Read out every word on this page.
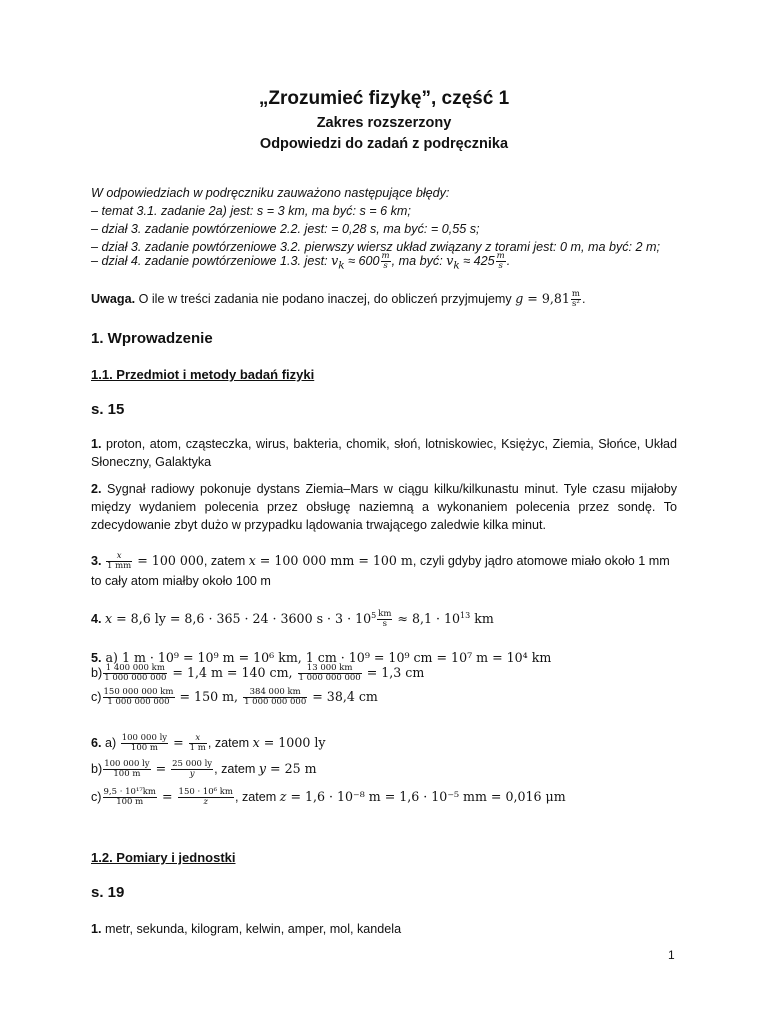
„Zrozumieć fizykę”, część 1
Zakres rozszerzony
Odpowiedzi do zadań z podręcznika
W odpowiedziach w podręczniku zauważono następujące błędy:
– temat 3.1. zadanie 2a) jest: s = 3 km, ma być: s = 6 km;
– dział 3. zadanie powtórzeniowe 2.2. jest: = 0,28 s, ma być: = 0,55 s;
– dział 3. zadanie powtórzeniowe 3.2. pierwszy wiersz układ związany z torami jest: 0 m, ma być: 2 m;
– dział 4. zadanie powtórzeniowe 1.3. jest: $v_k \approx 600 \frac{m}{s}$ , ma być: $v_k \approx 425 \frac{m}{s}$ .
Uwaga. O ile w treści zadania nie podano inaczej, do obliczeń przyjmujemy $g = 9,81 \frac{m}{\text{s²}}$ .
1. Wprowadzenie
1.1. Przedmiot i metody badań fizyki
s. 15
1. proton, atom, cząsteczka, wirus, bakteria, chomik, słoń, lotniskowiec, Księżyc, Ziemia, Słońce, Układ Słoneczny, Galaktyka
2. Sygnał radiowy pokonuje dystans Ziemia–Mars w ciągu kilku/kilkunastu minut. Tyle czasu mijałoby między wydaniem polecenia przez obsługę naziemną a wykonaniem polecenia przez sondę. To zdecydowanie zbyt dużo w przypadku lądowania trwającego zaledwie kilka minut.
3. $\frac{x}{1 mm} = 100$ 000, zatem x = 100 000 mm = 100 m, czyli gdyby jądro atomowe miało około 1 mm
to cały atom miałby około 100 m
4. x = 8,6 ly = 8,6 · 365 · 24 · 3600 $s \cdot 3 \cdot 10^5 \frac{km}{s} \approx 8,1 \cdot 10^{13}$ km
5. a) 1 m · 10⁹ = 10⁹ m = 10⁶ km, 1 cm · 10⁹ = 10⁹ cm = 10⁷ m = 10⁴ km
$b) \frac{1 400 000 km}{1 000 000 000} = 1,4$ m = 140 cm, $\frac{13 000 km}{1 000 000 000} = 1,3$ cm
$c) \frac{150 000 000 km}{1 000 000 000} = 150$ m, $\frac{384 000 km}{1 000 000 000} = 38,4$ cm
6. $a) \frac{100 000 ly}{100 m} = \frac{x}{1 m}$ , zatem x = 1000 ly
$b) \frac{100 000 ly}{100 m} = \frac{25 000 ly}{y}$ , zatem y = 25 m
$c) \frac{\text{9,5 · 10¹⁷km}}{100 m} = \frac{\text{150 · 10⁶ km}}{z}$ , zatem z = 1,6 · 10⁻⁸ m = 1,6 · 10⁻⁵ mm = 0,016 μm
1.2. Pomiary i jednostki
s. 19
1. metr, sekunda, kilogram, kelwin, amper, mol, kandela
1
